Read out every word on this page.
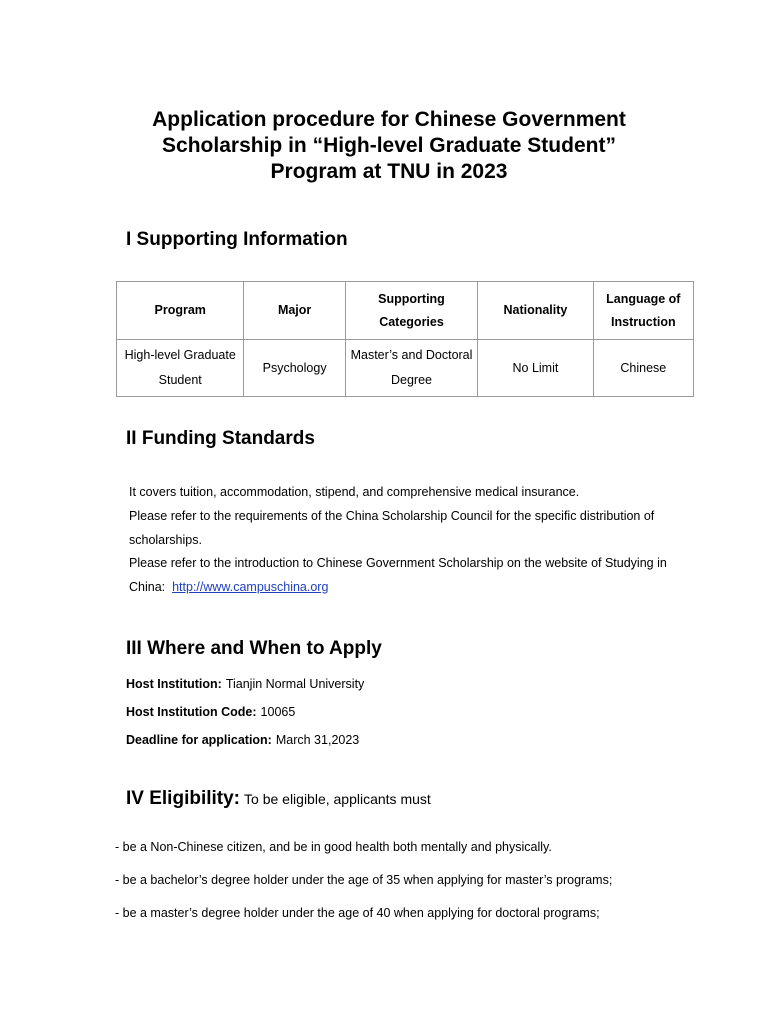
Application procedure for Chinese Government
Scholarship in “High-level Graduate Student”
Program at TNU in 2023
I Supporting Information
Program	Major	Supporting Categories	Nationality	Language of Instruction
High-level Graduate Student	Psychology	Master’s and Doctoral Degree	No Limit	Chinese
II Funding Standards

It covers tuition, accommodation, stipend, and comprehensive medical insurance.

Please refer to the requirements of the China Scholarship Council for the specific distribution of scholarships.

Please refer to the introduction to Chinese Government Scholarship on the website of Studying in China: http://www.campuschina.org

III Where and When to Apply
Host Institution: Tianjin Normal University
Host Institution Code: 10065
Deadline for application: March 31,2023
IV Eligibility: To be eligible, applicants must

- be a Non-Chinese citizen, and be in good health both mentally and physically.

- be a bachelor’s degree holder under the age of 35 when applying for master’s programs;

- be a master’s degree holder under the age of 40 when applying for doctoral programs;
